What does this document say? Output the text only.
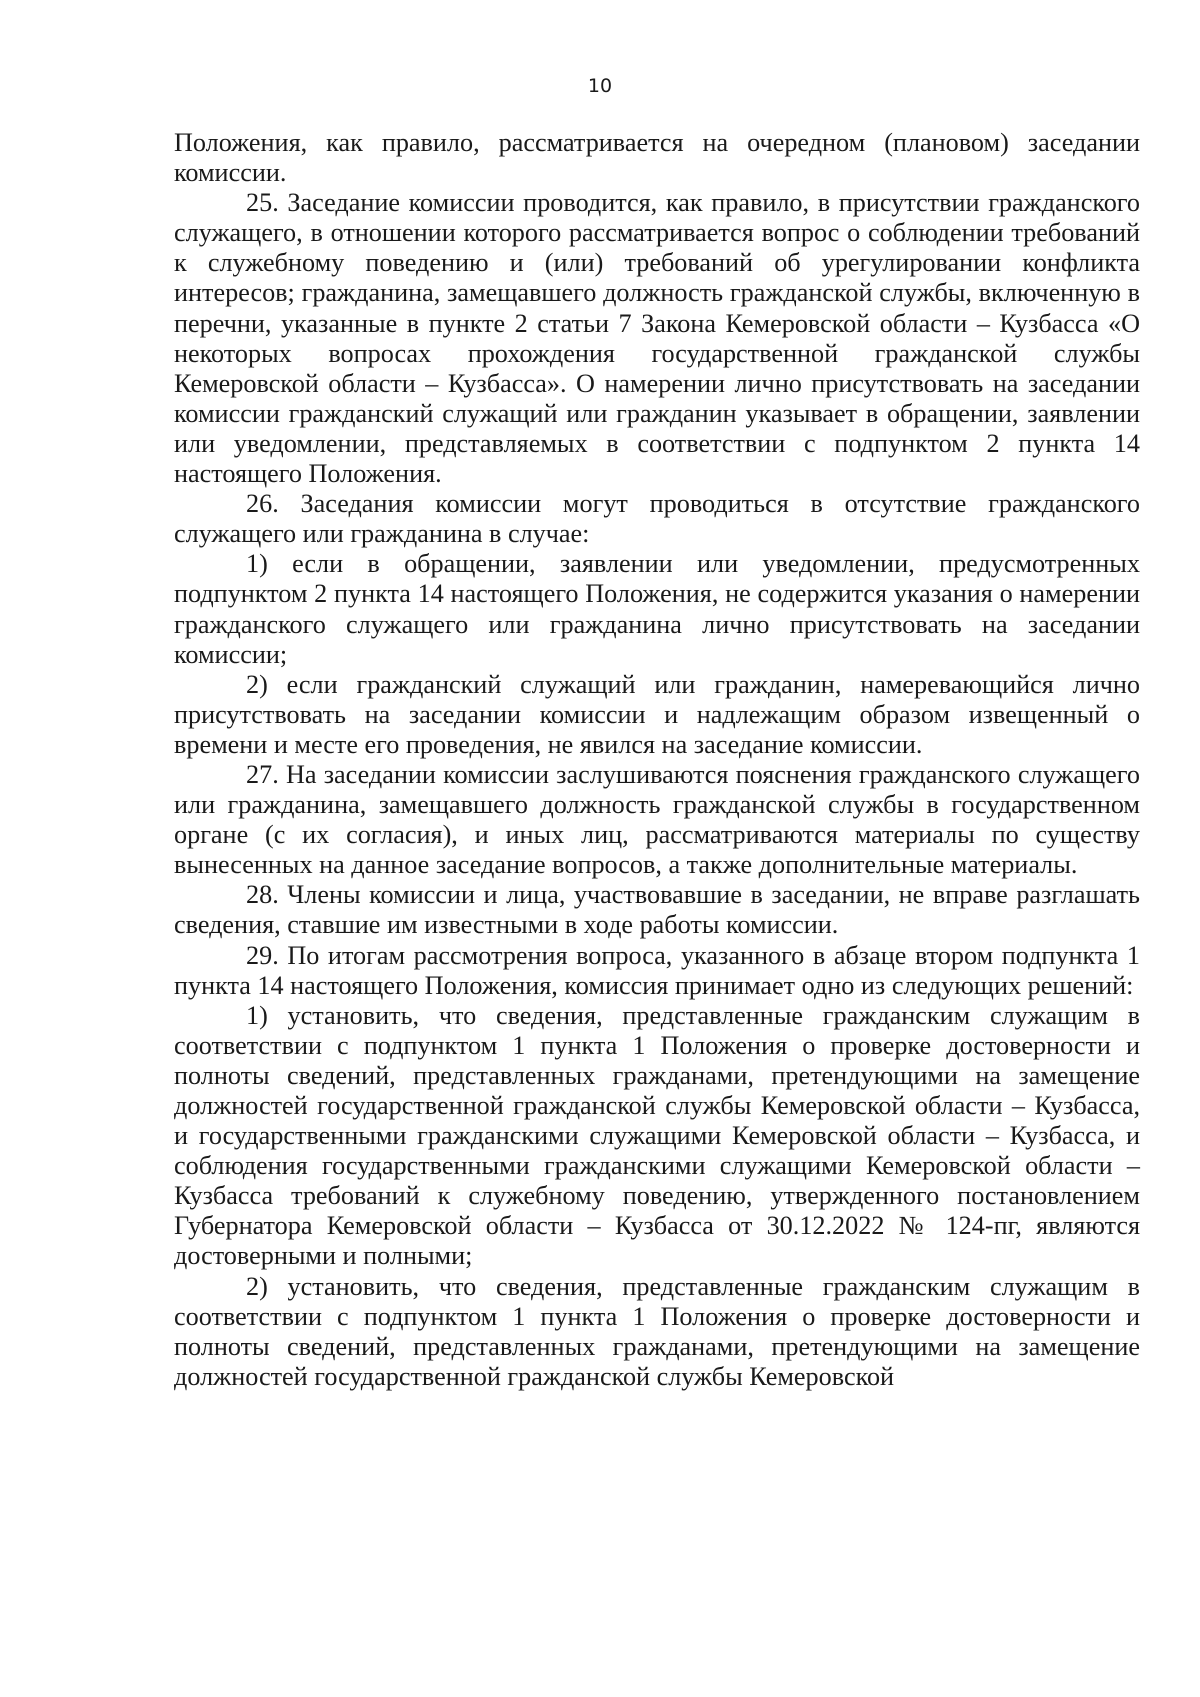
10

Положения, как правило, рассматривается на очередном (плановом) заседании комиссии.

25. Заседание комиссии проводится, как правило, в присутствии гражданского служащего, в отношении которого рассматривается вопрос о соблюдении требований к служебному поведению и (или) требований об урегулировании конфликта интересов; гражданина, замещавшего должность гражданской службы, включенную в перечни, указанные в пункте 2 статьи 7 Закона Кемеровской области – Кузбасса «О некоторых вопросах прохождения государственной гражданской службы Кемеровской области – Кузбасса». О намерении лично присутствовать на заседании комиссии гражданский служащий или гражданин указывает в обращении, заявлении или уведомлении, представляемых в соответствии с подпунктом 2 пункта 14 настоящего Положения.

26. Заседания комиссии могут проводиться в отсутствие гражданского служащего или гражданина в случае:

1) если в обращении, заявлении или уведомлении, предусмотренных подпунктом 2 пункта 14 настоящего Положения, не содержится указания о намерении гражданского служащего или гражданина лично присутствовать на заседании комиссии;

2) если гражданский служащий или гражданин, намеревающийся лично присутствовать на заседании комиссии и надлежащим образом извещенный о времени и месте его проведения, не явился на заседание комиссии.

27. На заседании комиссии заслушиваются пояснения гражданского служащего или гражданина, замещавшего должность гражданской службы в государственном органе (с их согласия), и иных лиц, рассматриваются материалы по существу вынесенных на данное заседание вопросов, а также дополнительные материалы.

28. Члены комиссии и лица, участвовавшие в заседании, не вправе разглашать сведения, ставшие им известными в ходе работы комиссии.

29. По итогам рассмотрения вопроса, указанного в абзаце втором подпункта 1 пункта 14 настоящего Положения, комиссия принимает одно из следующих решений:

1) установить, что сведения, представленные гражданским служащим в соответствии с подпунктом 1 пункта 1 Положения о проверке достоверности и полноты сведений, представленных гражданами, претендующими на замещение должностей государственной гражданской службы Кемеровской области – Кузбасса, и государственными гражданскими служащими Кемеровской области – Кузбасса, и соблюдения государственными гражданскими служащими Кемеровской области – Кузбасса требований к служебному поведению, утвержденного постановлением Губернатора Кемеровской области – Кузбасса от 30.12.2022 № 124-пг, являются достоверными и полными;

2) установить, что сведения, представленные гражданским служащим в соответствии с подпунктом 1 пункта 1 Положения о проверке достоверности и полноты сведений, представленных гражданами, претендующими на замещение должностей государственной гражданской службы Кемеровской
